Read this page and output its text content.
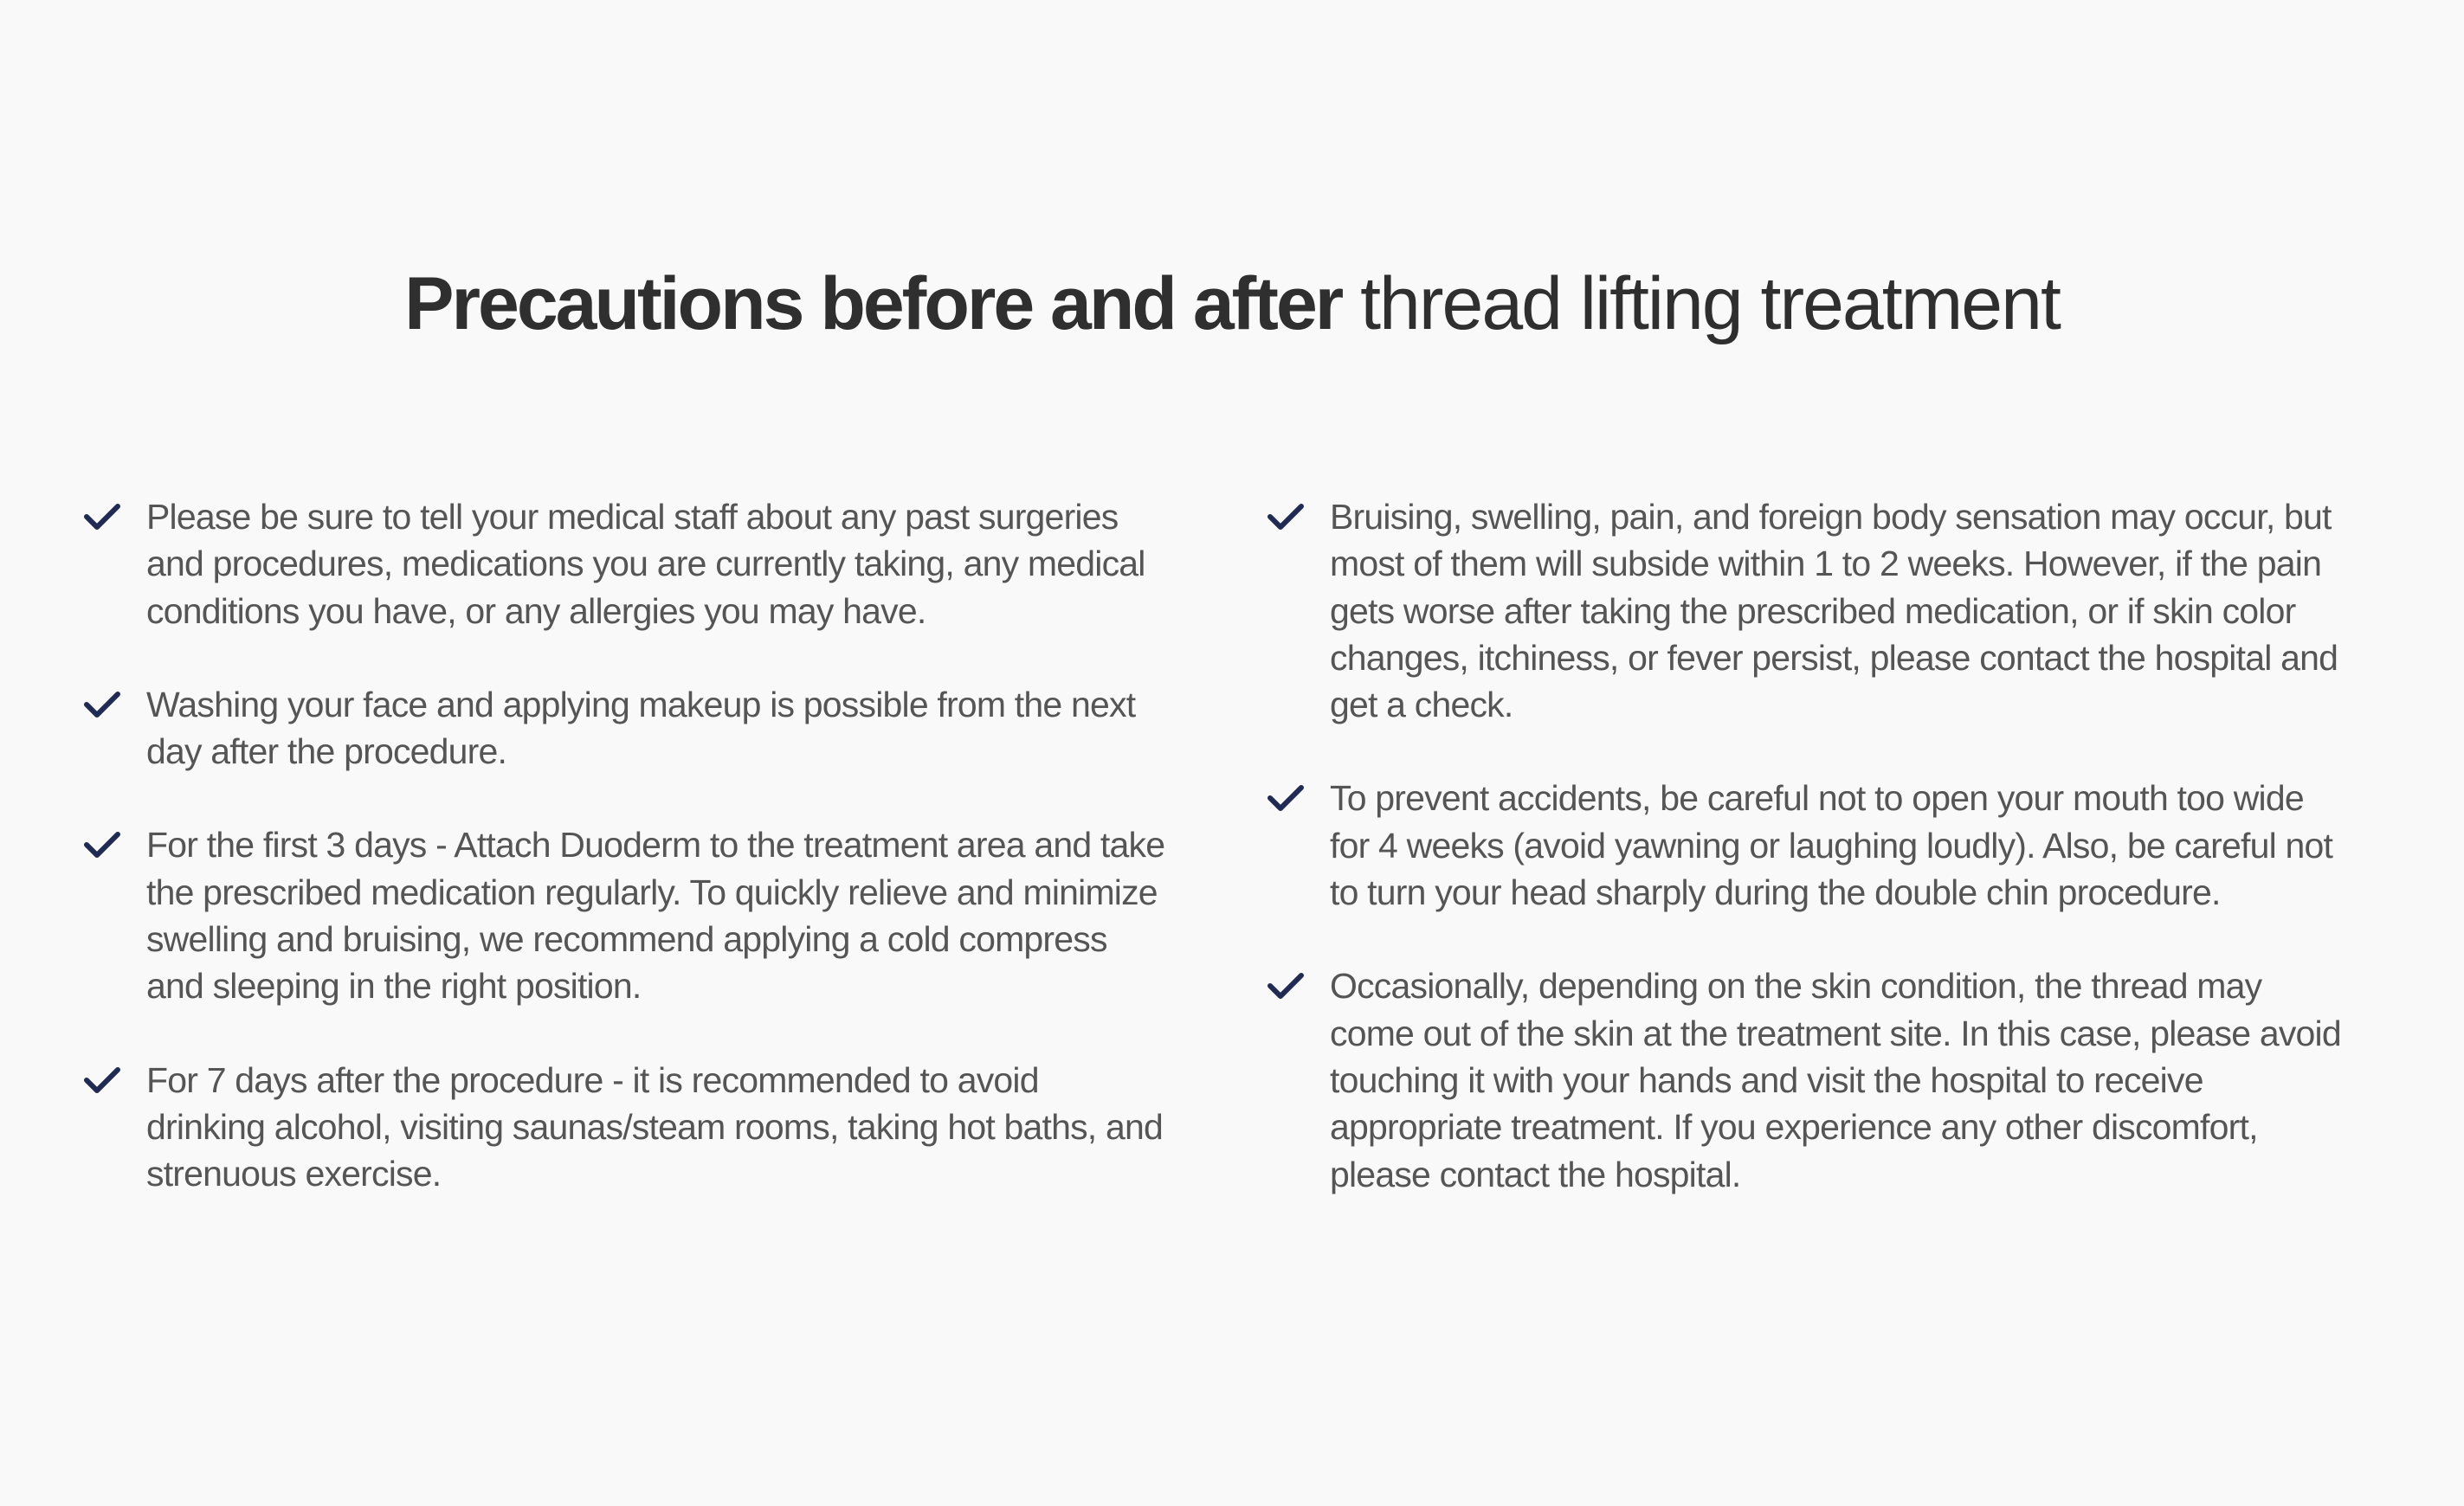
Precautions before and after thread lifting treatment
Please be sure to tell your medical staff about any past surgeries and procedures, medications you are currently taking, any medical conditions you have, or any allergies you may have.
Washing your face and applying makeup is possible from the next day after the procedure.
For the first 3 days - Attach Duoderm to the treatment area and take the prescribed medication regularly. To quickly relieve and minimize swelling and bruising, we recommend applying a cold compress and sleeping in the right position.
For 7 days after the procedure - it is recommended to avoid drinking alcohol, visiting saunas/steam rooms, taking hot baths, and strenuous exercise.
Bruising, swelling, pain, and foreign body sensation may occur, but most of them will subside within 1 to 2 weeks. However, if the pain gets worse after taking the prescribed medication, or if skin color changes, itchiness, or fever persist, please contact the hospital and get a check.
To prevent accidents, be careful not to open your mouth too wide for 4 weeks (avoid yawning or laughing loudly). Also, be careful not to turn your head sharply during the double chin procedure.
Occasionally, depending on the skin condition, the thread may come out of the skin at the treatment site. In this case, please avoid touching it with your hands and visit the hospital to receive appropriate treatment. If you experience any other discomfort, please contact the hospital.
